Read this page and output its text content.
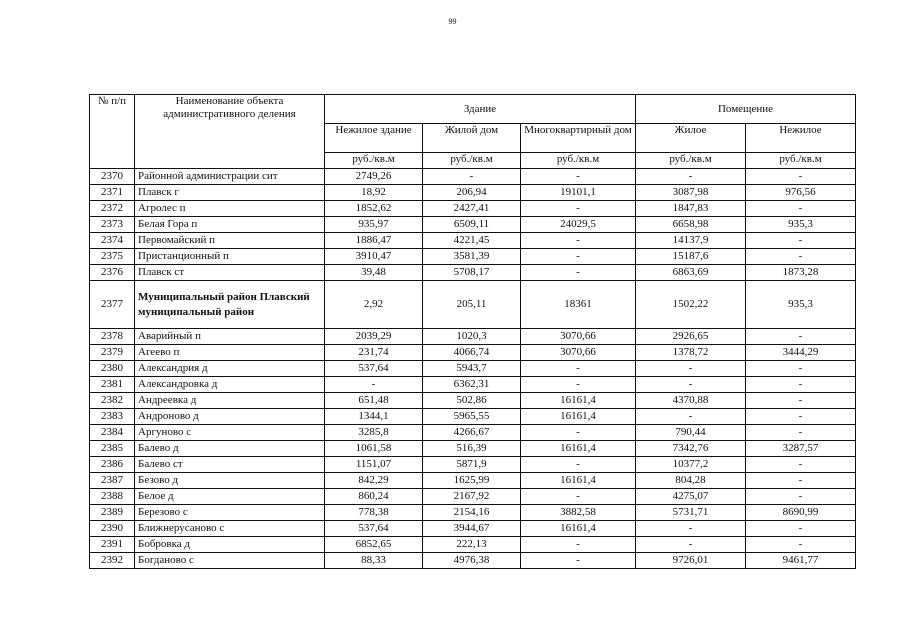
99
№ п/п	Наименование объекта административного деления	Здание			Помещение	
		Нежилое здание	Жилой дом	Многоквартирный дом	Жилое	Нежилое
		руб./кв.м	руб./кв.м	руб./кв.м	руб./кв.м	руб./кв.м
2370	Районной администрации сит	2749,26	-	-	-	-
2371	Плавск г	18,92	206,94	19101,1	3087,98	976,56
2372	Агролес п	1852,62	2427,41	-	1847,83	-
2373	Белая Гора п	935,97	6509,11	24029,5	6658,98	935,3
2374	Первомайский п	1886,47	4221,45	-	14137,9	-
2375	Пристанционный п	3910,47	3581,39	-	15187,6	-
2376	Плавск ст	39,48	5708,17	-	6863,69	1873,28
2377	Муниципальный район Плавский муниципальный район	2,92	205,11	18361	1502,22	935,3
2378	Аварийный п	2039,29	1020,3	3070,66	2926,65	-
2379	Агеево п	231,74	4066,74	3070,66	1378,72	3444,29
2380	Александрия д	537,64	5943,7	-	-	-
2381	Александровка д	-	6362,31	-	-	-
2382	Андреевка д	651,48	502,86	16161,4	4370,88	-
2383	Андроново д	1344,1	5965,55	16161,4	-	-
2384	Аргуново с	3285,8	4266,67	-	790,44	-
2385	Балево д	1061,58	516,39	16161,4	7342,76	3287,57
2386	Балево ст	1151,07	5871,9	-	10377,2	-
2387	Безово д	842,29	1625,99	16161,4	804,28	-
2388	Белое д	860,24	2167,92	-	4275,07	-
2389	Березово с	778,38	2154,16	3882,58	5731,71	8690,99
2390	Ближнерусаново с	537,64	3944,67	16161,4	-	-
2391	Бобровка д	6852,65	222,13	-	-	-
2392	Богданово с	88,33	4976,38	-	9726,01	9461,77
